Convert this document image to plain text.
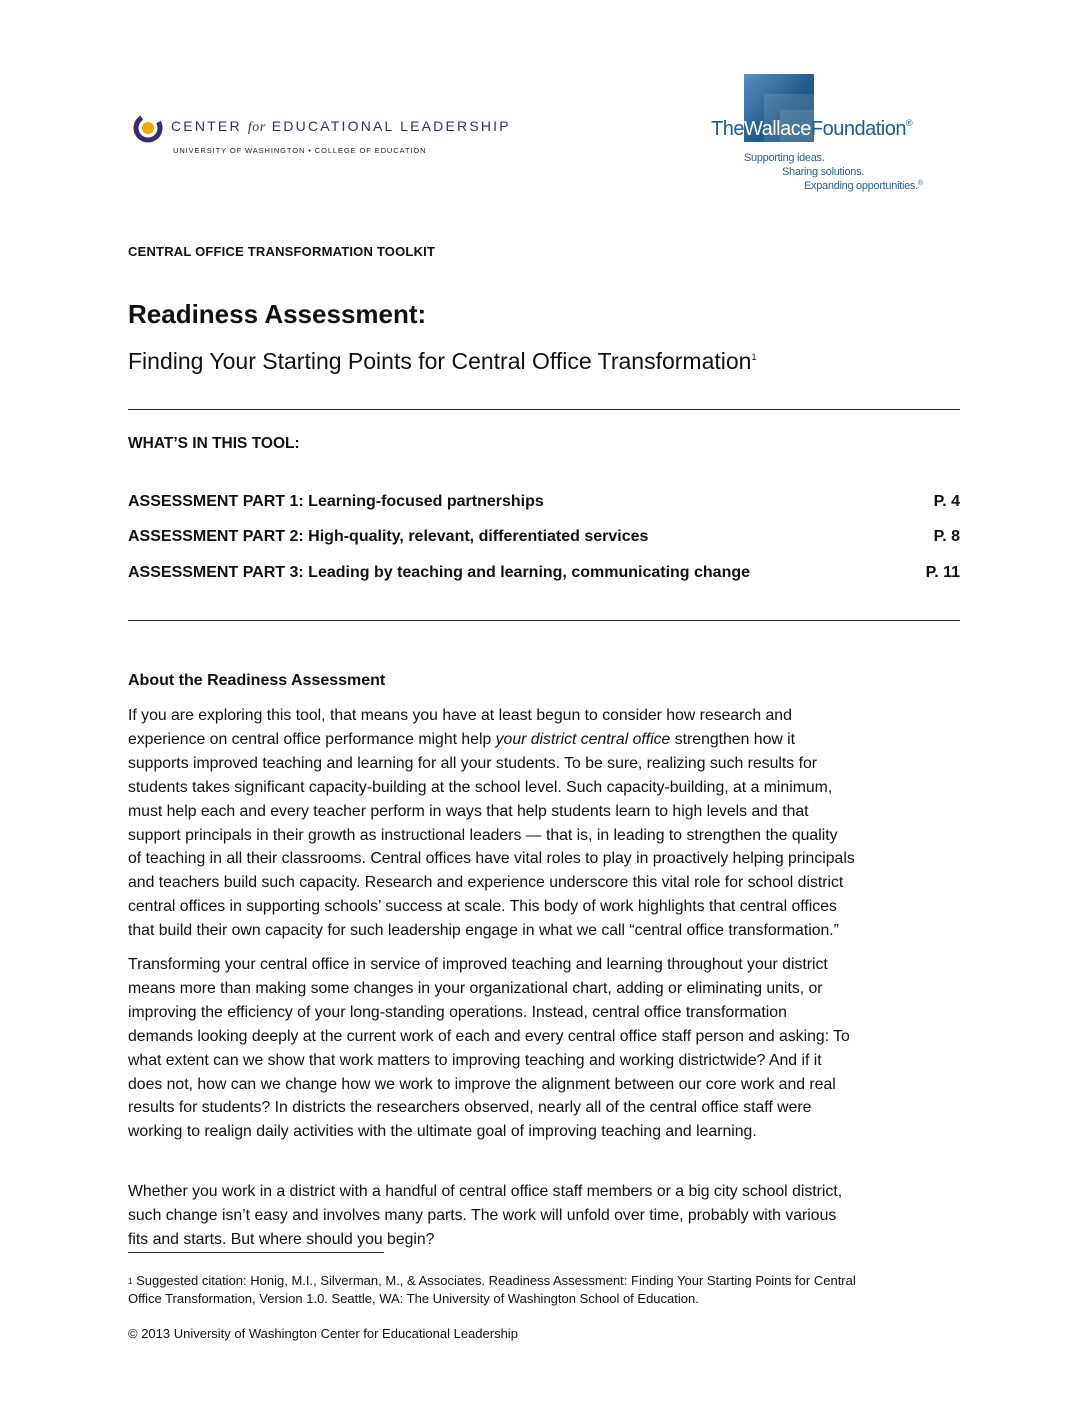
CENTER for EDUCATIONAL LEADERSHIP
UNIVERSITY OF WASHINGTON • COLLEGE OF EDUCATION
TheWallaceFoundation®
Supporting ideas.
Sharing solutions.
Expanding opportunities.®
CENTRAL OFFICE TRANSFORMATION TOOLKIT
Readiness Assessment:
Finding Your Starting Points for Central Office Transformation$^1$
WHAT’S IN THIS TOOL:
ASSESSMENT PART 1: Learning-focused partnerships	P. 4
ASSESSMENT PART 2: High-quality, relevant, differentiated services	P. 8
ASSESSMENT PART 3: Leading by teaching and learning, communicating change	P. 11
About the Readiness Assessment
If you are exploring this tool, that means you have at least begun to consider how research and
experience on central office performance might help your district central office strengthen how it
supports improved teaching and learning for all your students. To be sure, realizing such results for
students takes significant capacity-building at the school level. Such capacity-building, at a minimum,
must help each and every teacher perform in ways that help students learn to high levels and that
support principals in their growth as instructional leaders — that is, in leading to strengthen the quality
of teaching in all their classrooms. Central offices have vital roles to play in proactively helping principals
and teachers build such capacity. Research and experience underscore this vital role for school district
central offices in supporting schools’ success at scale. This body of work highlights that central offices
that build their own capacity for such leadership engage in what we call “central office transformation.”
Transforming your central office in service of improved teaching and learning throughout your district
means more than making some changes in your organizational chart, adding or eliminating units, or
improving the efficiency of your long-standing operations. Instead, central office transformation
demands looking deeply at the current work of each and every central office staff person and asking: To
what extent can we show that work matters to improving teaching and working districtwide? And if it
does not, how can we change how we work to improve the alignment between our core work and real
results for students? In districts the researchers observed, nearly all of the central office staff were
working to realign daily activities with the ultimate goal of improving teaching and learning.
Whether you work in a district with a handful of central office staff members or a big city school district,
such change isn’t easy and involves many parts. The work will unfold over time, probably with various
fits and starts. But where should you begin?
$^1$ Suggested citation: Honig, M.I., Silverman, M., & Associates. Readiness Assessment: Finding Your Starting Points for Central
Office Transformation, Version 1.0. Seattle, WA: The University of Washington School of Education.
© 2013 University of Washington Center for Educational Leadership
